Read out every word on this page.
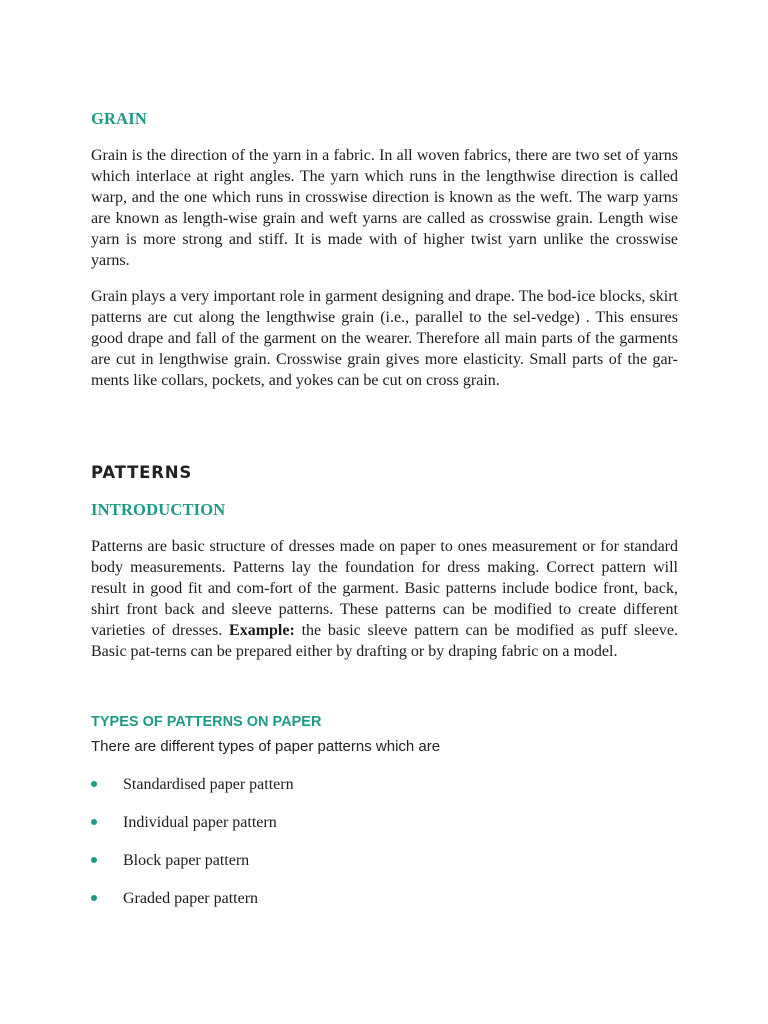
GRAIN

Grain is the direction of the yarn in a fabric. In all woven fabrics, there are two set of yarns which interlace at right angles. The yarn which runs in the lengthwise direction is called warp, and the one which runs in crosswise direction is known as the weft. The warp yarns are known as length-wise grain and weft yarns are called as crosswise grain. Length wise yarn is more strong and stiff. It is made with of higher twist yarn unlike the crosswise yarns.

Grain plays a very important role in garment designing and drape. The bod-ice blocks, skirt patterns are cut along the lengthwise grain (i.e., parallel to the sel-vedge) . This ensures good drape and fall of the garment on the wearer. Therefore all main parts of the garments are cut in lengthwise grain. Crosswise grain gives more elasticity. Small parts of the gar-ments like collars, pockets, and yokes can be cut on cross grain.

PATTERNS
INTRODUCTION

Patterns are basic structure of dresses made on paper to ones measurement or for standard body measurements. Patterns lay the foundation for dress making. Correct pattern will result in good fit and com-fort of the garment. Basic patterns include bodice front, back, shirt front back and sleeve patterns. These patterns can be modified to create different varieties of dresses. Example: the basic sleeve pattern can be modified as puff sleeve. Basic pat-terns can be prepared either by drafting or by draping fabric on a model.

TYPES OF PATTERNS ON PAPER

There are different types of paper patterns which are

Standardised paper pattern
Individual paper pattern
Block paper pattern
Graded paper pattern
